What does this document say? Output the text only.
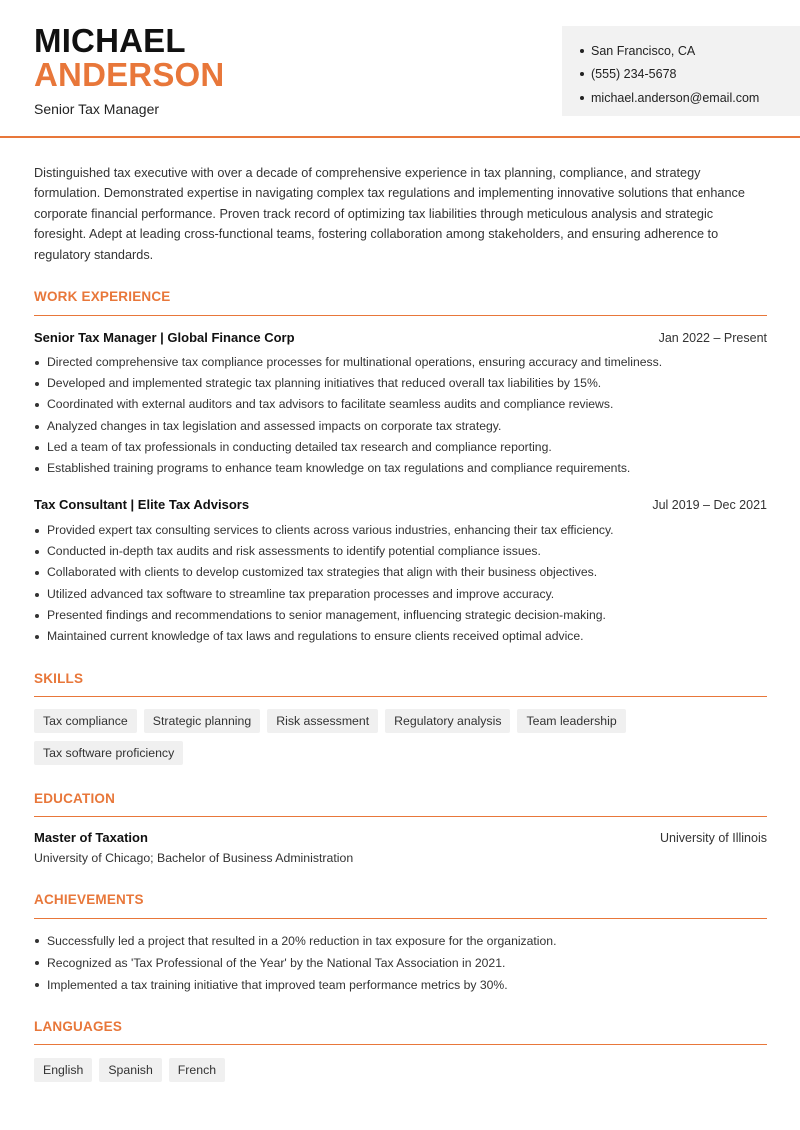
MICHAEL
ANDERSON
Senior Tax Manager
San Francisco, CA
(555) 234-5678
michael.anderson@email.com

Distinguished tax executive with over a decade of comprehensive experience in tax planning, compliance, and strategy formulation. Demonstrated expertise in navigating complex tax regulations and implementing innovative solutions that enhance corporate financial performance. Proven track record of optimizing tax liabilities through meticulous analysis and strategic foresight. Adept at leading cross-functional teams, fostering collaboration among stakeholders, and ensuring adherence to regulatory standards.

WORK EXPERIENCE
Senior Tax Manager | Global Finance Corp	Jan 2022 – Present
Directed comprehensive tax compliance processes for multinational operations, ensuring accuracy and timeliness.
Developed and implemented strategic tax planning initiatives that reduced overall tax liabilities by 15%.
Coordinated with external auditors and tax advisors to facilitate seamless audits and compliance reviews.
Analyzed changes in tax legislation and assessed impacts on corporate tax strategy.
Led a team of tax professionals in conducting detailed tax research and compliance reporting.
Established training programs to enhance team knowledge on tax regulations and compliance requirements.
Tax Consultant | Elite Tax Advisors	Jul 2019 – Dec 2021
Provided expert tax consulting services to clients across various industries, enhancing their tax efficiency.
Conducted in-depth tax audits and risk assessments to identify potential compliance issues.
Collaborated with clients to develop customized tax strategies that align with their business objectives.
Utilized advanced tax software to streamline tax preparation processes and improve accuracy.
Presented findings and recommendations to senior management, influencing strategic decision-making.
Maintained current knowledge of tax laws and regulations to ensure clients received optimal advice.
SKILLS
Tax compliance	Strategic planning	Risk assessment	Regulatory analysis	Team leadership
Tax software proficiency
EDUCATION
Master of Taxation	University of Illinois
University of Chicago; Bachelor of Business Administration
ACHIEVEMENTS
Successfully led a project that resulted in a 20% reduction in tax exposure for the organization.
Recognized as 'Tax Professional of the Year' by the National Tax Association in 2021.
Implemented a tax training initiative that improved team performance metrics by 30%.
LANGUAGES
English	Spanish	French
